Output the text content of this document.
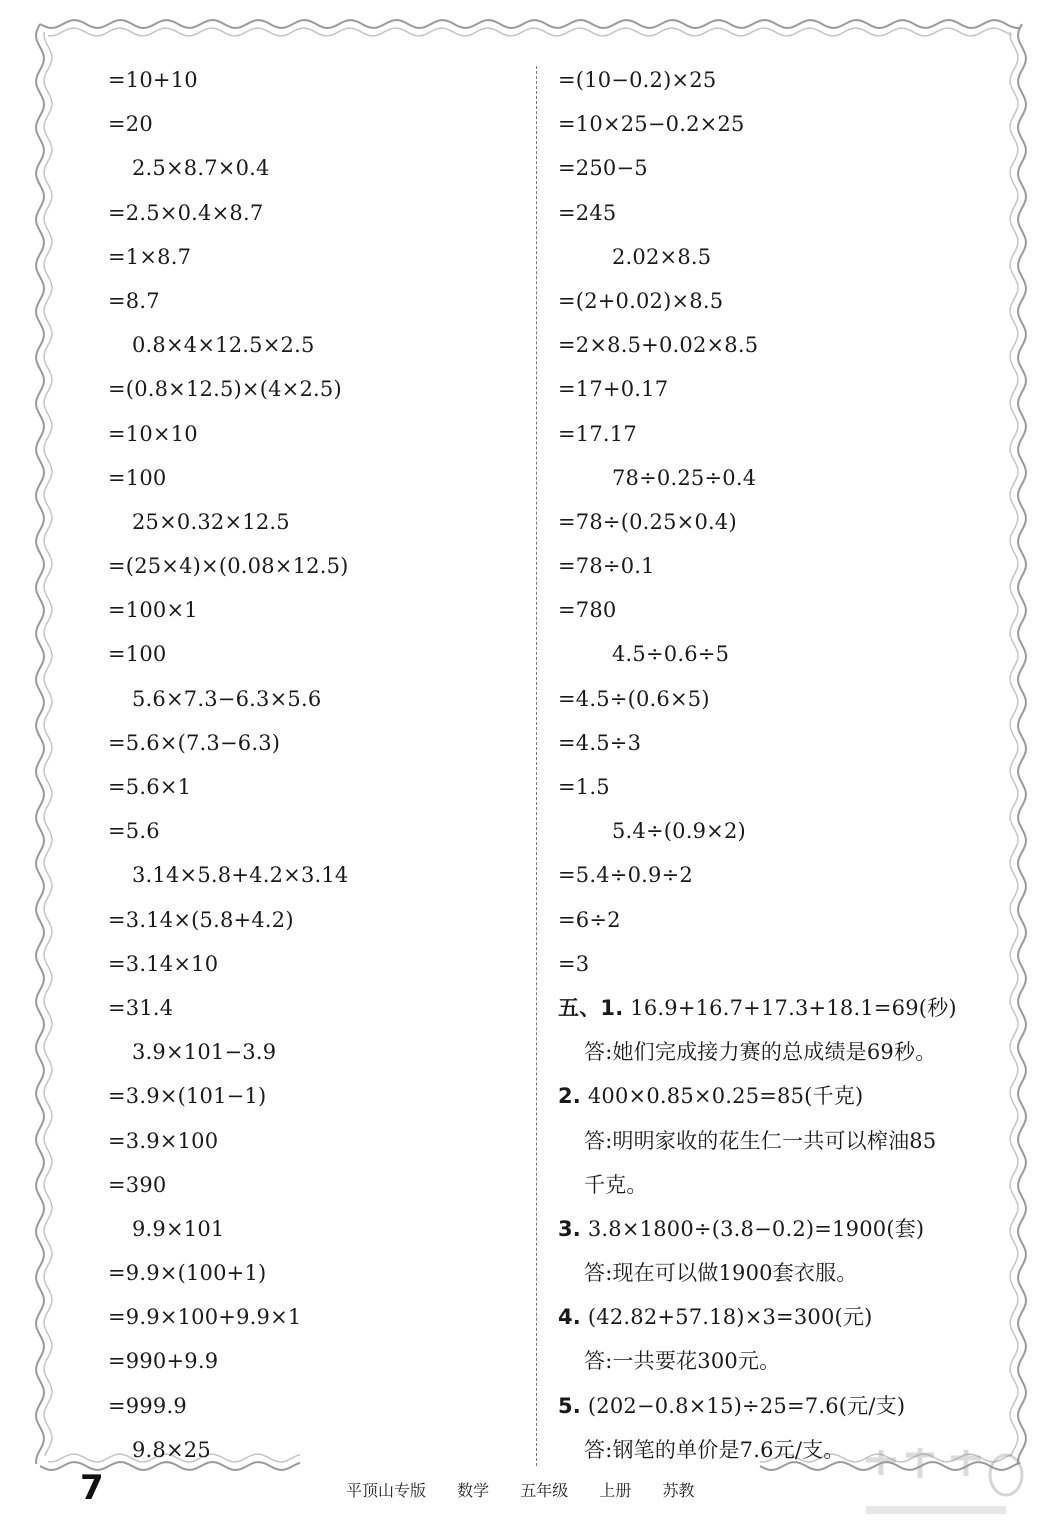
=10+10
=20
2.5×8.7×0.4
=2.5×0.4×8.7
=1×8.7
=8.7
0.8×4×12.5×2.5
=(0.8×12.5)×(4×2.5)
=10×10
=100
25×0.32×12.5
=(25×4)×(0.08×12.5)
=100×1
=100
5.6×7.3−6.3×5.6
=5.6×(7.3−6.3)
=5.6×1
=5.6
3.14×5.8+4.2×3.14
=3.14×(5.8+4.2)
=3.14×10
=31.4
3.9×101−3.9
=3.9×(101−1)
=3.9×100
=390
9.9×101
=9.9×(100+1)
=9.9×100+9.9×1
=990+9.9
=999.9
9.8×25
=(10−0.2)×25
=10×25−0.2×25
=250−5
=245
2.02×8.5
=(2+0.02)×8.5
=2×8.5+0.02×8.5
=17+0.17
=17.17
78÷0.25÷0.4
=78÷(0.25×0.4)
=78÷0.1
=780
4.5÷0.6÷5
=4.5÷(0.6×5)
=4.5÷3
=1.5
5.4÷(0.9×2)
=5.4÷0.9÷2
=6÷2
=3
五、1. 16.9+16.7+17.3+18.1=69(秒)
答:她们完成接力赛的总成绩是69秒。
2. 400×0.85×0.25=85(千克)
答:明明家收的花生仁一共可以榨油85
千克。
3. 3.8×1800÷(3.8−0.2)=1900(套)
答:现在可以做1900套衣服。
4. (42.82+57.18)×3=300(元)
答:一共要花300元。
5. (202−0.8×15)÷25=7.6(元/支)
答:钢笔的单价是7.6元/支。
7	平顶山专版 数学 五年级 上册 苏教
